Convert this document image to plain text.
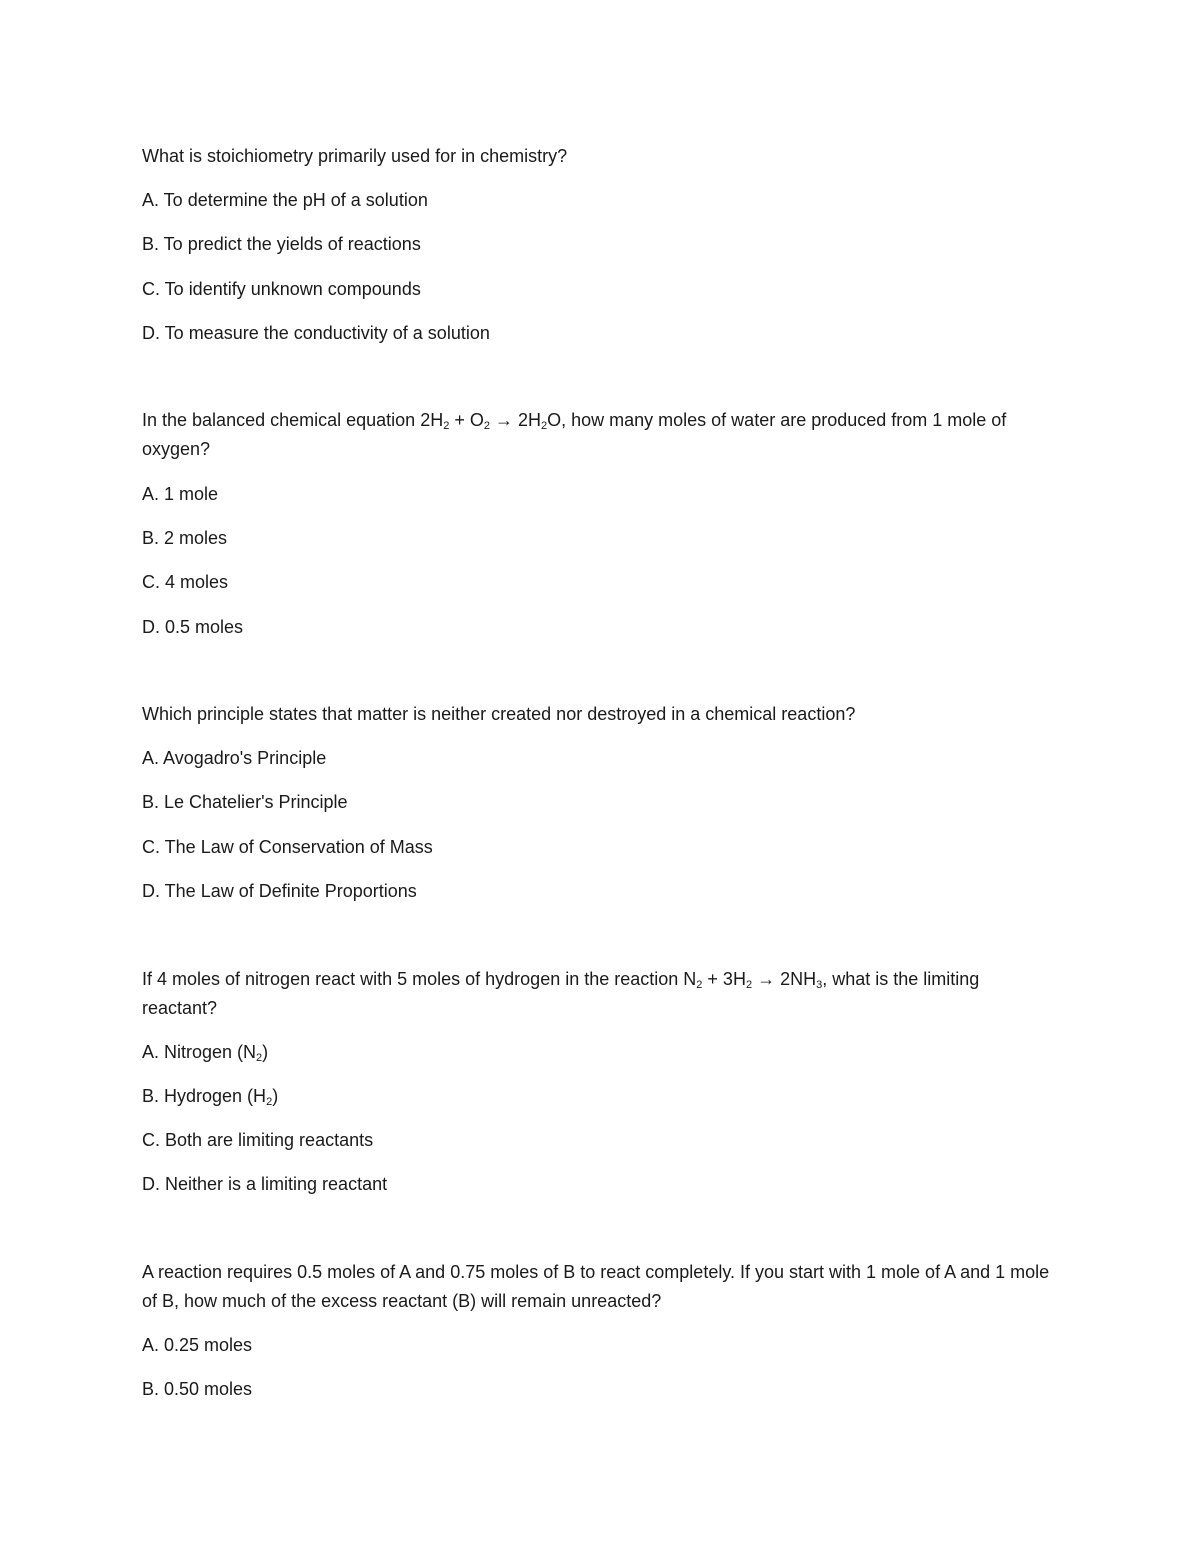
What is stoichiometry primarily used for in chemistry?
A. To determine the pH of a solution
B. To predict the yields of reactions
C. To identify unknown compounds
D. To measure the conductivity of a solution
In the balanced chemical equation $2H_2 + O_2 \to 2H_2O$, how many moles of water are produced from 1 mole of oxygen?
A. 1 mole
B. 2 moles
C. 4 moles
D. 0.5 moles
Which principle states that matter is neither created nor destroyed in a chemical reaction?
A. Avogadro's Principle
B. Le Chatelier's Principle
C. The Law of Conservation of Mass
D. The Law of Definite Proportions
If 4 moles of nitrogen react with 5 moles of hydrogen in the reaction $N_2 + 3H_2 \to 2NH_3$, what is the limiting reactant?
A. Nitrogen $(N_2)$
B. Hydrogen $(H_2)$
C. Both are limiting reactants
D. Neither is a limiting reactant
A reaction requires 0.5 moles of A and 0.75 moles of B to react completely. If you start with 1 mole of A and 1 mole of B, how much of the excess reactant (B) will remain unreacted?
A. 0.25 moles
B. 0.50 moles
